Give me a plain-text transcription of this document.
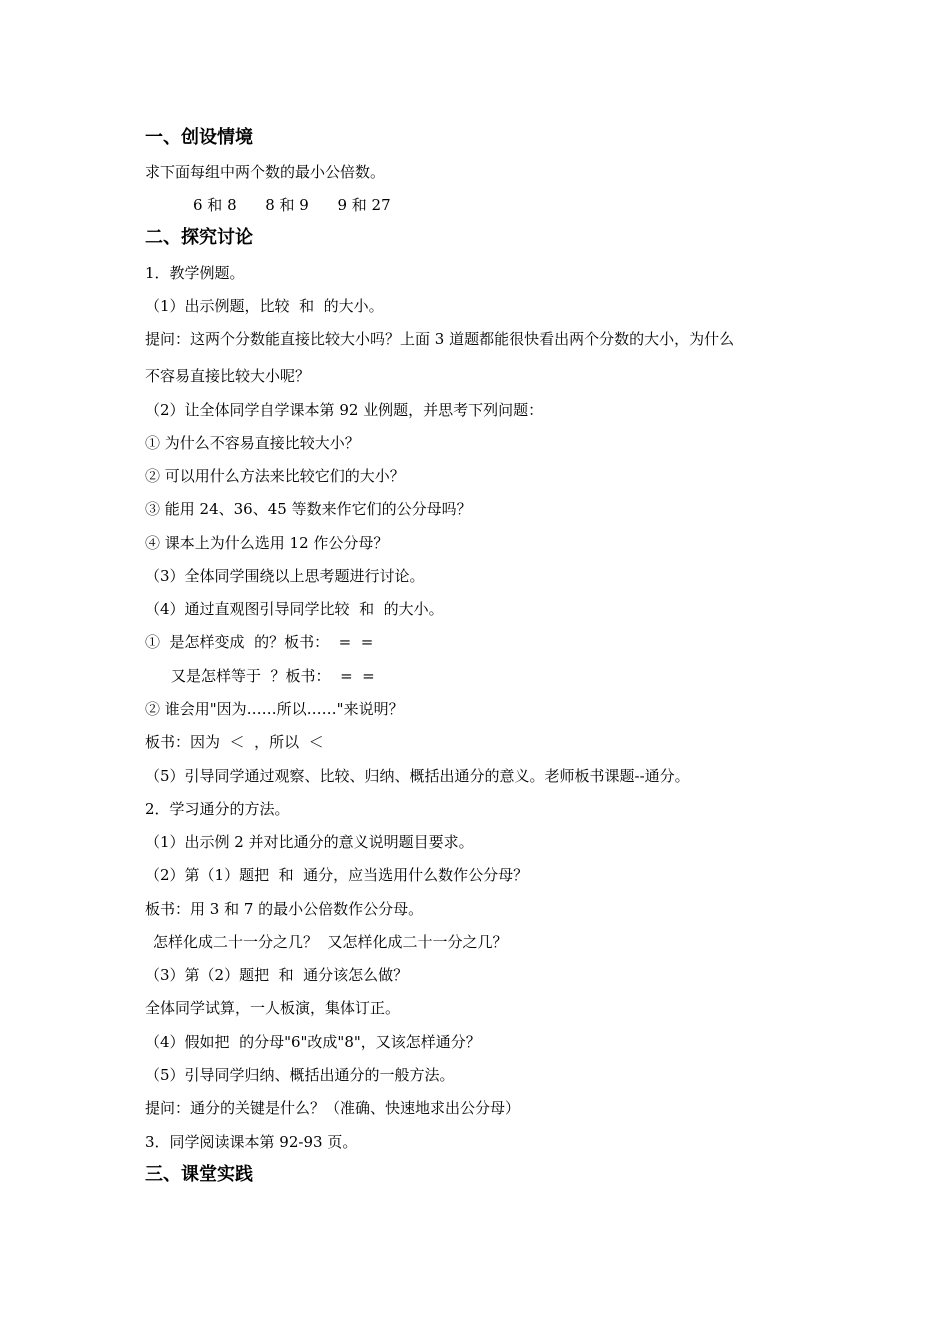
一、创设情境
求下面每组中两个数的最小公倍数。
6 和 8      8 和 9      9 和 27
二、探究讨论
1．教学例题。
（1）出示例题，比较  和  的大小。
提问：这两个分数能直接比较大小吗？上面 3 道题都能很快看出两个分数的大小，为什么
不容易直接比较大小呢？
（2）让全体同学自学课本第 92 业例题，并思考下列问题：
① 为什么不容易直接比较大小？
② 可以用什么方法来比较它们的大小？
③ 能用 24、36、45 等数来作它们的公分母吗？
④ 课本上为什么选用 12 作公分母？
（3）全体同学围绕以上思考题进行讨论。
（4）通过直观图引导同学比较  和  的大小。
①  是怎样变成  的？板书：  =  =
又是怎样等于  ？板书：  =  =
② 谁会用"因为……所以……"来说明？
板书：因为  ＜  ，所以  ＜
（5）引导同学通过观察、比较、归纳、概括出通分的意义。老师板书课题--通分。
2．学习通分的方法。
（1）出示例 2 并对比通分的意义说明题目要求。
（2）第（1）题把  和  通分，应当选用什么数作公分母？
板书：用 3 和 7 的最小公倍数作公分母。
怎样化成二十一分之几？  又怎样化成二十一分之几？
（3）第（2）题把  和  通分该怎么做？
全体同学试算，一人板演，集体订正。
（4）假如把  的分母"6"改成"8"，又该怎样通分？
（5）引导同学归纳、概括出通分的一般方法。
提问：通分的关键是什么？（准确、快速地求出公分母）
3．同学阅读课本第 92-93 页。
三、课堂实践
